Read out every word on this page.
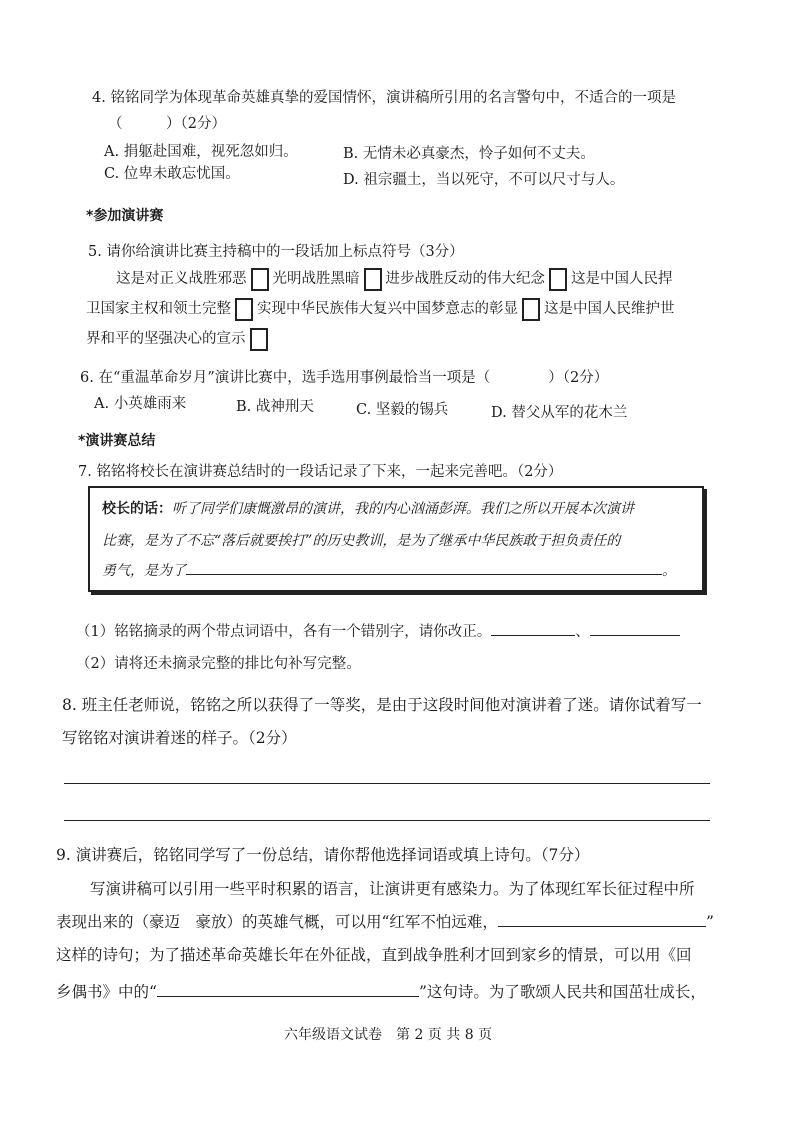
4. 铭铭同学为体现革命英雄真挚的爱国情怀，演讲稿所引用的名言警句中，不适合的一项是
（　　　）（2分）
A. 捐躯赴国难，视死忽如归。	B. 无情未必真豪杰，怜子如何不丈夫。
C. 位卑未敢忘忧国。	D. 祖宗疆土，当以死守，不可以尺寸与人。
*参加演讲赛
5. 请你给演讲比赛主持稿中的一段话加上标点符号（3分）
这是对正义战胜邪恶 光明战胜黑暗 进步战胜反动的伟大纪念 这是中国人民捍
卫国家主权和领土完整 实现中华民族伟大复兴中国梦意志的彰显 这是中国人民维护世
界和平的坚强决心的宣示
6. 在“重温革命岁月”演讲比赛中，选手选用事例最恰当一项是（　　　　）（2分）
A. 小英雄雨来	B. 战神刑天	C. 坚毅的锡兵	D. 替父从军的花木兰
*演讲赛总结
7. 铭铭将校长在演讲赛总结时的一段话记录了下来，一起来完善吧。（2分）
校长的话：听了同学们康慨激昂的演讲，我的内心汹涌彭湃。我们之所以开展本次演讲
比赛，是为了不忘“落后就要挨打”的历史教训，是为了继承中华民族敢于担负责任的
勇气，是为了	。
（1）铭铭摘录的两个带点词语中，各有一个错别字，请你改正。	、
（2）请将还未摘录完整的排比句补写完整。
8. 班主任老师说，铭铭之所以获得了一等奖，是由于这段时间他对演讲着了迷。请你试着写一
写铭铭对演讲着迷的样子。（2分）
9. 演讲赛后，铭铭同学写了一份总结，请你帮他选择词语或填上诗句。（7分）
写演讲稿可以引用一些平时积累的语言，让演讲更有感染力。为了体现红军长征过程中所
表现出来的（豪迈　豪放）的英雄气概，可以用“红军不怕远难，	”
这样的诗句；为了描述革命英雄长年在外征战，直到战争胜利才回到家乡的情景，可以用《回
乡偶书》中的“	”这句诗。为了歌颂人民共和国茁壮成长，
六年级语文试卷　第 2 页 共 8 页
